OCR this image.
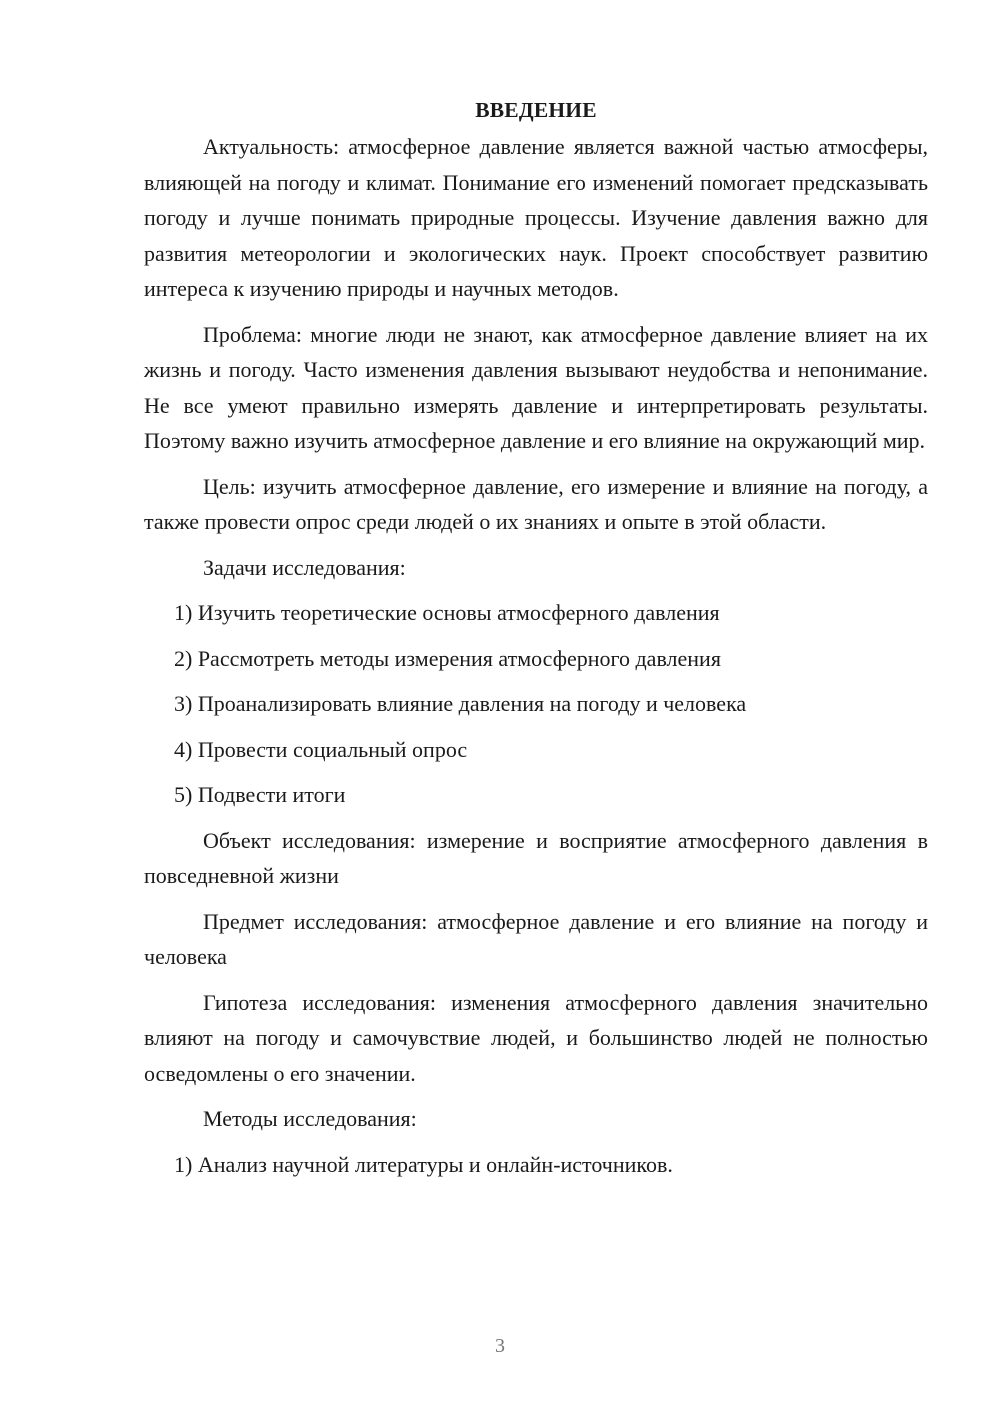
ВВЕДЕНИЕ
Актуальность: атмосферное давление является важной частью атмосферы, влияющей на погоду и климат. Понимание его изменений помогает предсказывать погоду и лучше понимать природные процессы. Изучение давления важно для развития метеорологии и экологических наук. Проект способствует развитию интереса к изучению природы и научных методов.
Проблема: многие люди не знают, как атмосферное давление влияет на их жизнь и погоду. Часто изменения давления вызывают неудобства и непонимание. Не все умеют правильно измерять давление и интерпретировать результаты. Поэтому важно изучить атмосферное давление и его влияние на окружающий мир.
Цель: изучить атмосферное давление, его измерение и влияние на погоду, а также провести опрос среди людей о их знаниях и опыте в этой области.
Задачи исследования:
1) Изучить теоретические основы атмосферного давления
2) Рассмотреть методы измерения атмосферного давления
3) Проанализировать влияние давления на погоду и человека
4) Провести социальный опрос
5) Подвести итоги
Объект исследования: измерение и восприятие атмосферного давления в повседневной жизни
Предмет исследования: атмосферное давление и его влияние на погоду и человека
Гипотеза исследования: изменения атмосферного давления значительно влияют на погоду и самочувствие людей, и большинство людей не полностью осведомлены о его значении.
Методы исследования:
1) Анализ научной литературы и онлайн-источников.
3
